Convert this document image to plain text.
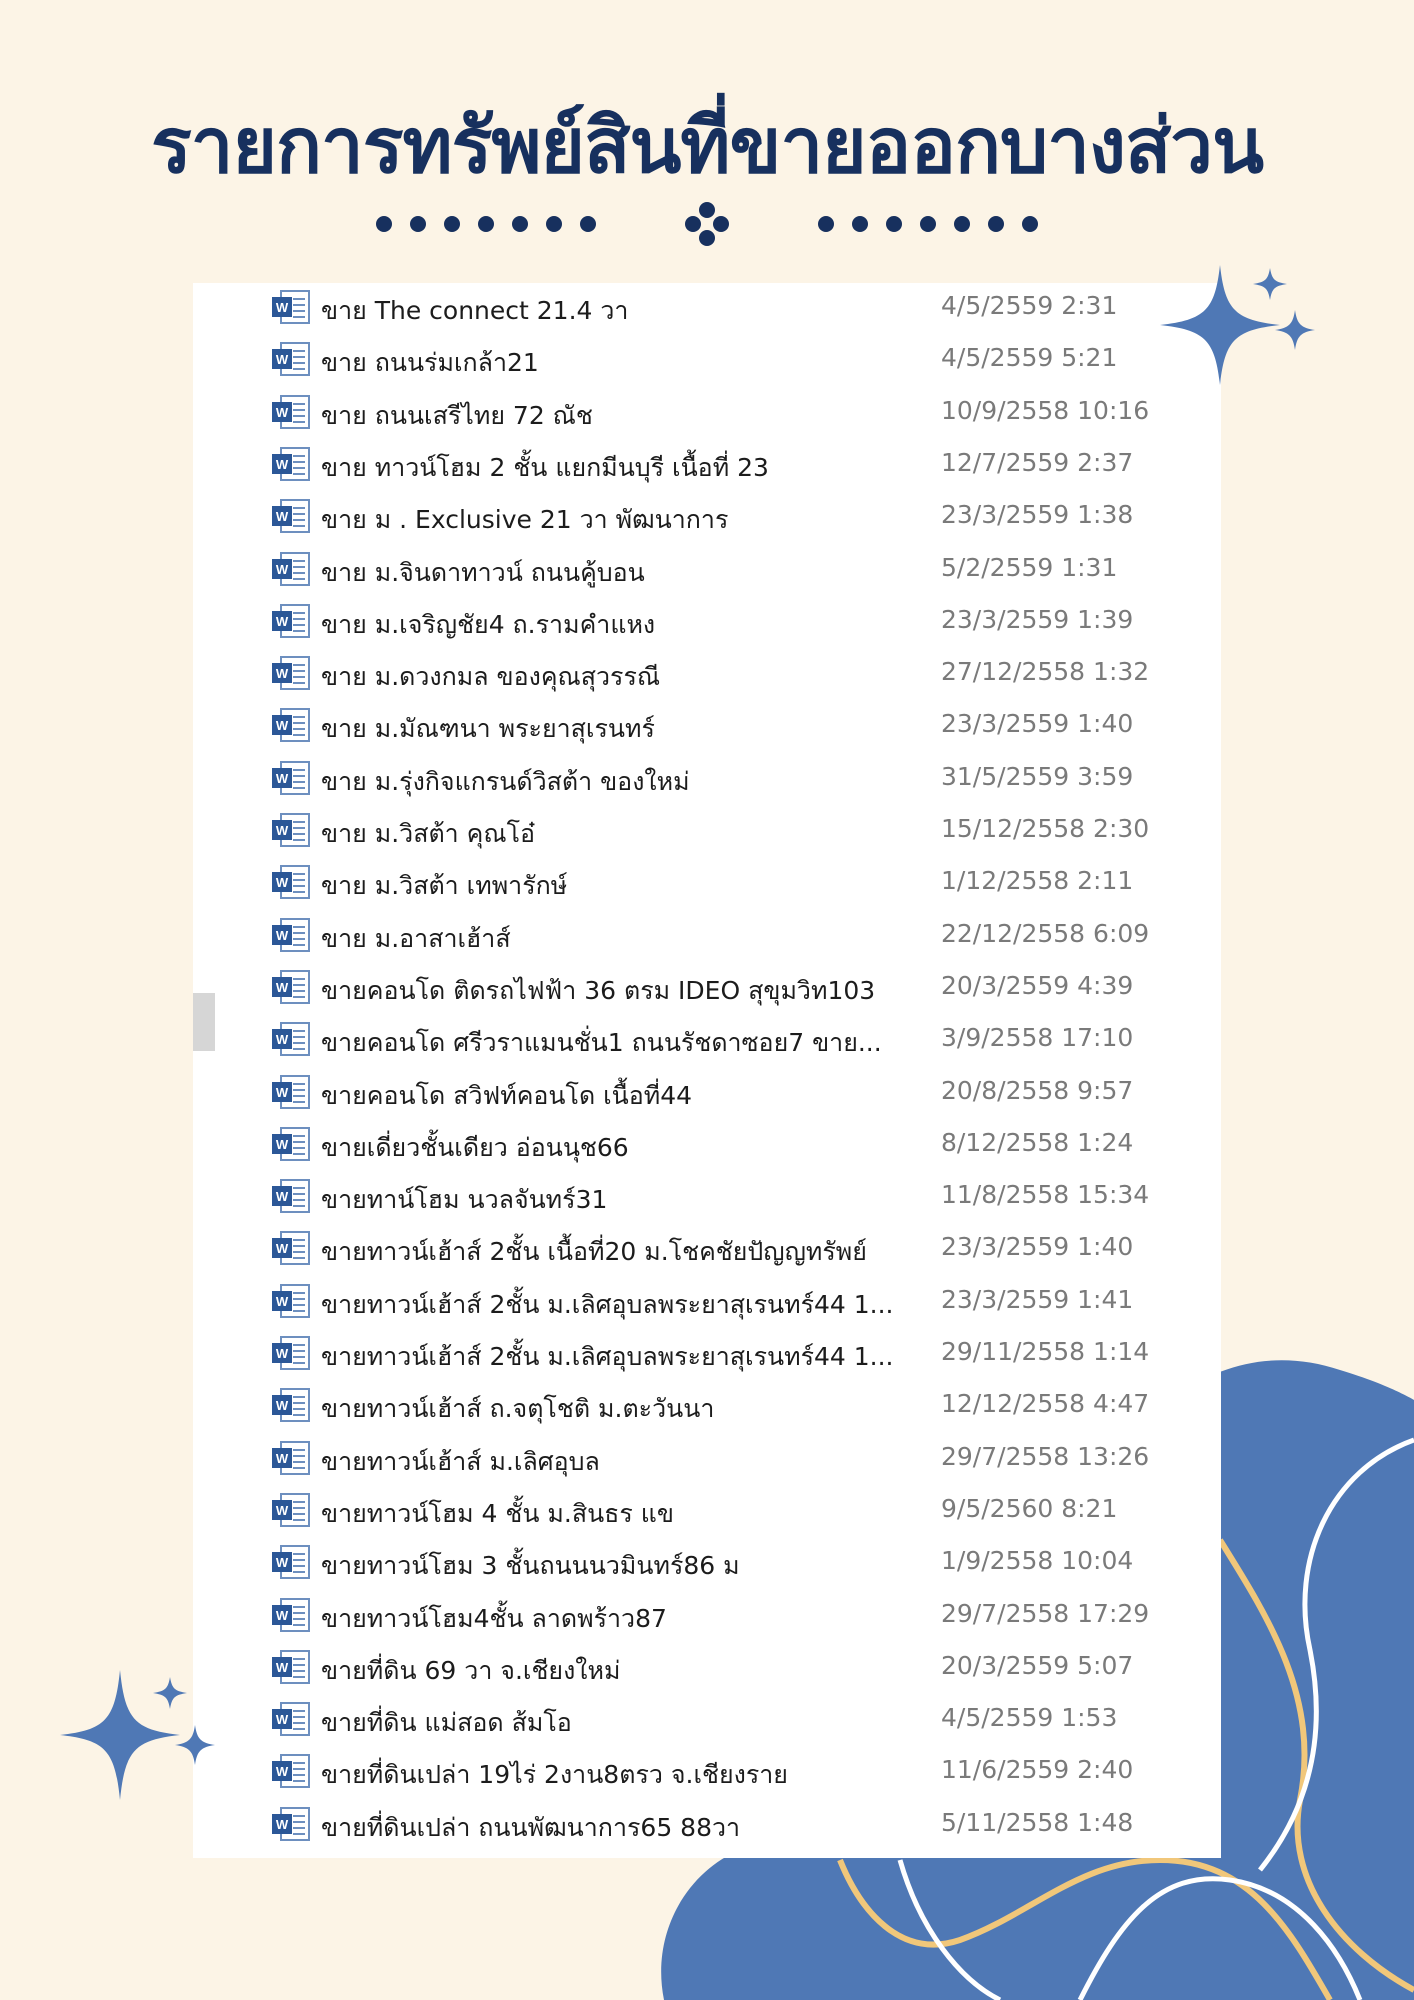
รายการทรัพย์สินที่ขายออกบางส่วน
W ขาย The connect 21.4 วา	4/5/2559 2:31
W ขาย ถนนร่มเกล้า21	4/5/2559 5:21
W ขาย ถนนเสรีไทย 72 ณัช	10/9/2558 10:16
W ขาย ทาวน์โฮม 2 ชั้น แยกมีนบุรี เนื้อที่ 23	12/7/2559 2:37
W ขาย ม . Exclusive 21 วา พัฒนาการ	23/3/2559 1:38
W ขาย ม.จินดาทาวน์ ถนนคู้บอน	5/2/2559 1:31
W ขาย ม.เจริญชัย4 ถ.รามคำแหง	23/3/2559 1:39
W ขาย ม.ดวงกมล ของคุณสุวรรณี	27/12/2558 1:32
W ขาย ม.มัณฑนา พระยาสุเรนทร์	23/3/2559 1:40
W ขาย ม.รุ่งกิจแกรนด์วิสต้า ของใหม่	31/5/2559 3:59
W ขาย ม.วิสต้า คุณโอ๋	15/12/2558 2:30
W ขาย ม.วิสต้า เทพารักษ์	1/12/2558 2:11
W ขาย ม.อาสาเฮ้าส์	22/12/2558 6:09
W ขายคอนโด ติดรถไฟฟ้า 36 ตรม IDEO สุขุมวิท103	20/3/2559 4:39
W ขายคอนโด ศรีวราแมนชั่น1 ถนนรัชดาซอย7 ขาย...	3/9/2558 17:10
W ขายคอนโด สวิฟท์คอนโด เนื้อที่44	20/8/2558 9:57
W ขายเดี่ยวชั้นเดียว อ่อนนุช66	8/12/2558 1:24
W ขายทาน์โฮม นวลจันทร์31	11/8/2558 15:34
W ขายทาวน์เฮ้าส์ 2ชั้น เนื้อที่20 ม.โชคชัยปัญญทรัพย์	23/3/2559 1:40
W ขายทาวน์เฮ้าส์ 2ชั้น ม.เลิศอุบลพระยาสุเรนทร์44 1...	23/3/2559 1:41
W ขายทาวน์เฮ้าส์ 2ชั้น ม.เลิศอุบลพระยาสุเรนทร์44 1...	29/11/2558 1:14
W ขายทาวน์เฮ้าส์ ถ.จตุโชติ ม.ตะวันนา	12/12/2558 4:47
W ขายทาวน์เฮ้าส์ ม.เลิศอุบล	29/7/2558 13:26
W ขายทาวน์โฮม 4 ชั้น ม.สินธร แข	9/5/2560 8:21
W ขายทาวน์โฮม 3 ชั้นถนนนวมินทร์86 ม	1/9/2558 10:04
W ขายทาวน์โฮม4ชั้น ลาดพร้าว87	29/7/2558 17:29
W ขายที่ดิน 69 วา จ.เชียงใหม่	20/3/2559 5:07
W ขายที่ดิน แม่สอด ส้มโอ	4/5/2559 1:53
W ขายที่ดินเปล่า 19ไร่ 2งาน8ตรว จ.เชียงราย	11/6/2559 2:40
W ขายที่ดินเปล่า ถนนพัฒนาการ65 88วา	5/11/2558 1:48
